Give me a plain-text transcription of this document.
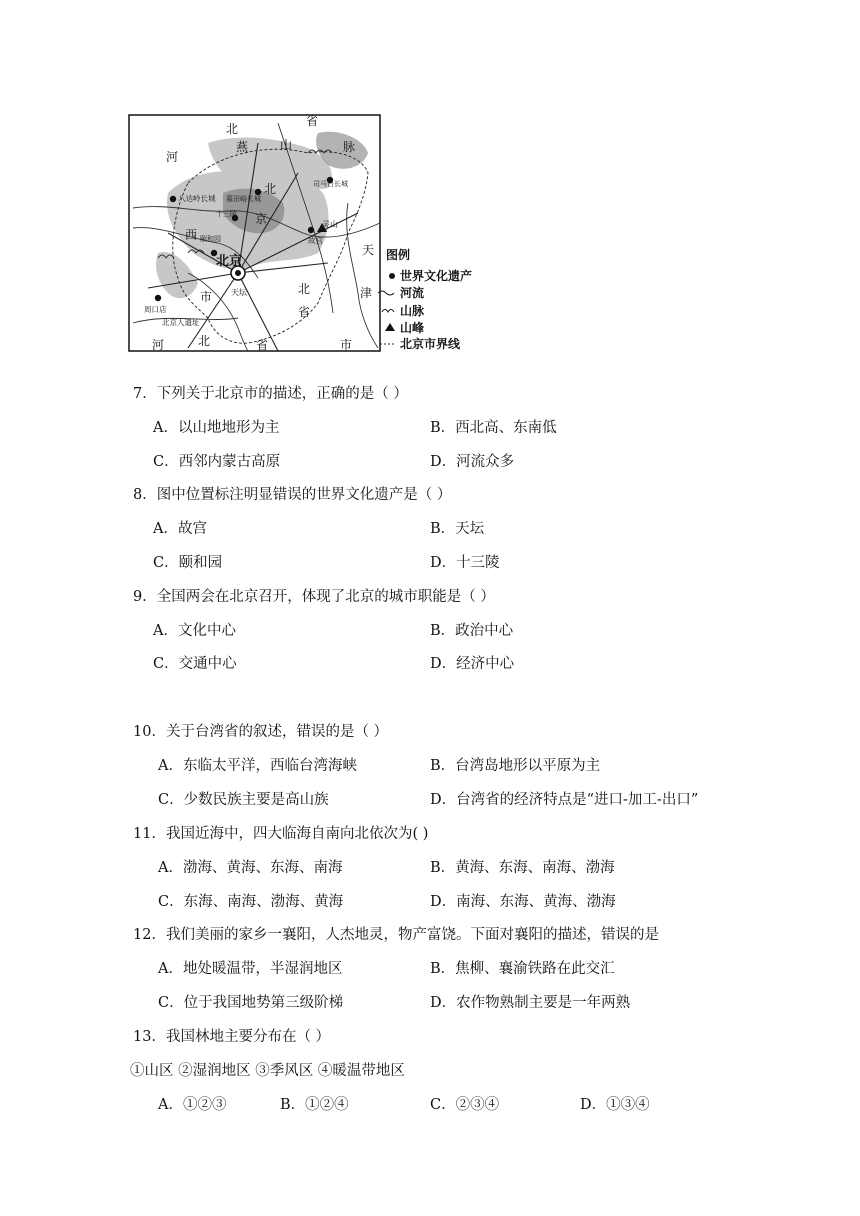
北
省
河
燕	山	脉
北	司马台长城
八达岭长城 慕田峪长城
十三陵 京
西 颐和园
灵山
故宫
天
北京
天坛
市
周口店
北京人遗址
北
省
津
河	北	省	市
图例
世界文化遗产
河流
山脉
山峰
北京市界线
7．下列关于北京市的描述，正确的是（ ）
A．以山地地形为主	B．西北高、东南低
C．西邻内蒙古高原	D．河流众多
8．图中位置标注明显错误的世界文化遗产是（ ）
A．故宫	B．天坛
C．颐和园	D．十三陵
9．全国两会在北京召开，体现了北京的城市职能是（ ）
A．文化中心	B．政治中心
C．交通中心	D．经济中心
10．关于台湾省的叙述，错误的是（ ）
A．东临太平洋，西临台湾海峡	B．台湾岛地形以平原为主
C．少数民族主要是高山族	D．台湾省的经济特点是“进口-加工-出口”
11．我国近海中，四大临海自南向北依次为( )
A．渤海、黄海、东海、南海	B．黄海、东海、南海、渤海
C．东海、南海、渤海、黄海	D．南海、东海、黄海、渤海
12．我们美丽的家乡一襄阳，人杰地灵，物产富饶。下面对襄阳的描述，错误的是
A．地处暖温带，半湿润地区	B．焦柳、襄渝铁路在此交汇
C．位于我国地势第三级阶梯	D．农作物熟制主要是一年两熟
13．我国林地主要分布在（ ）
①山区 ②湿润地区 ③季风区 ④暖温带地区
A．①②③	B．①②④	C．②③④	D．①③④
